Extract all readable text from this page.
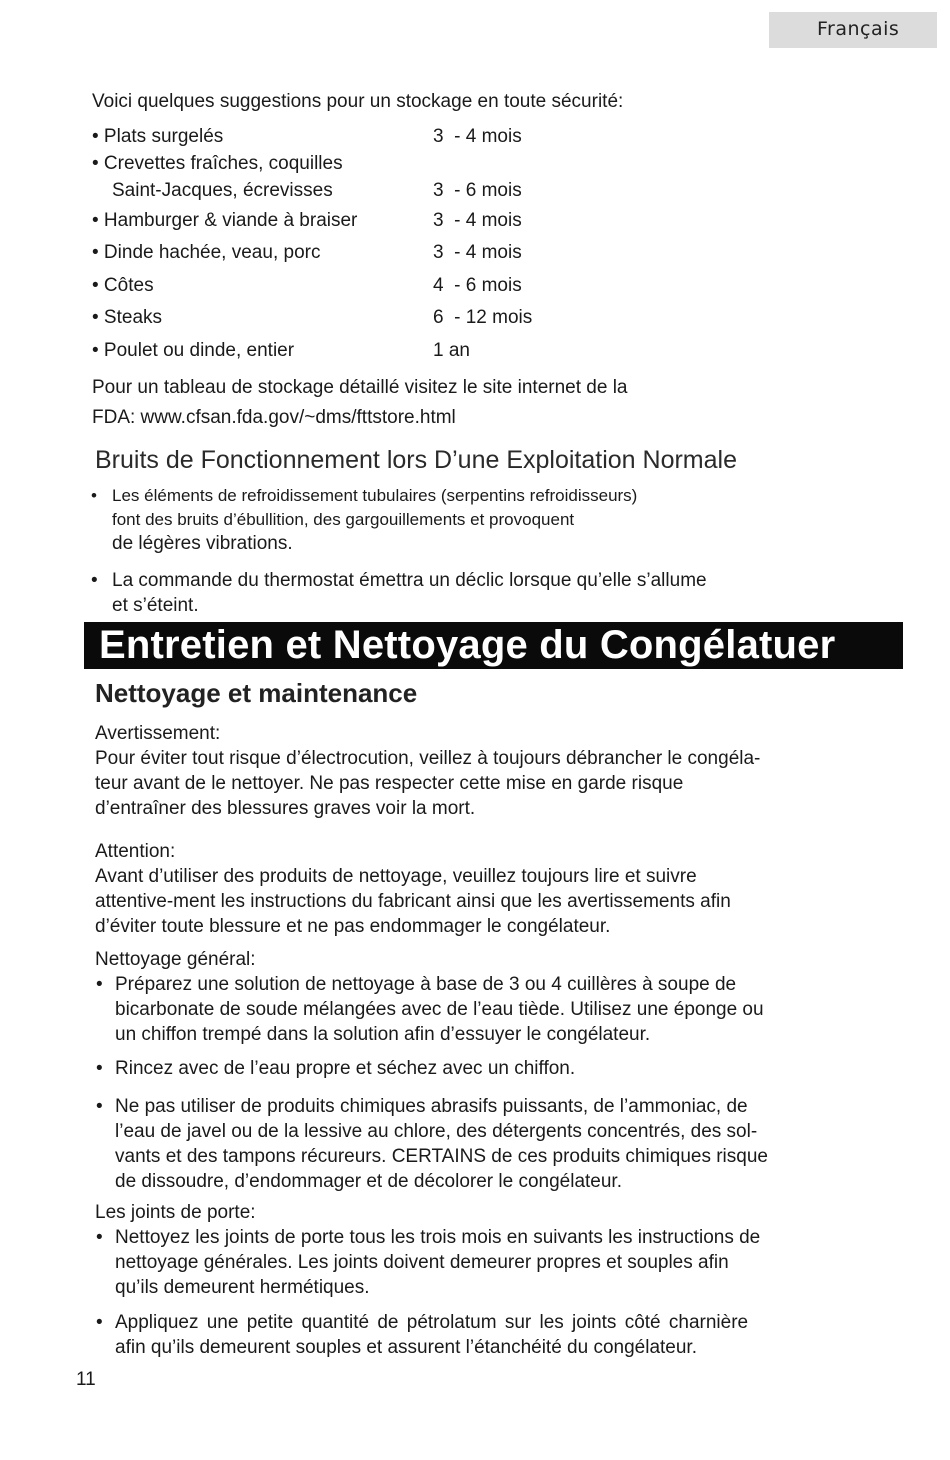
Français
Voici quelques suggestions pour un stockage en toute sécurité:
• Plats surgelés	3  - 4 mois
• Crevettes fraîches, coquilles
Saint-Jacques, écrevisses	3  - 6 mois
• Hamburger & viande à braiser	3  - 4 mois
• Dinde hachée, veau, porc	3  - 4 mois
• Côtes	4  - 6 mois
• Steaks	6  - 12 mois
• Poulet ou dinde, entier	1 an
Pour un tableau de stockage détaillé visitez le site internet de la
FDA: www.cfsan.fda.gov/~dms/fttstore.html
Bruits de Fonctionnement lors D’une Exploitation Normale
• Les éléments de refroidissement tubulaires (serpentins refroidisseurs)
font des bruits d’ébullition, des gargouillements et provoquent
de légères vibrations.
• La commande du thermostat émettra un déclic lorsque qu’elle s’allume
et s’éteint.
Entretien et Nettoyage du Congélatuer
Nettoyage et maintenance
Avertissement:
Pour éviter tout risque d’électrocution, veillez à toujours débrancher le congéla-
teur avant de le nettoyer. Ne pas respecter cette mise en garde risque
d’entraîner des blessures graves voir la mort.
Attention:
Avant d’utiliser des produits de nettoyage, veuillez toujours lire et suivre
attentive-ment les instructions du fabricant ainsi que les avertissements afin
d’éviter toute blessure et ne pas endommager le congélateur.
Nettoyage général:
• Préparez une solution de nettoyage à base de 3 ou 4 cuillères à soupe de
bicarbonate de soude mélangées avec de l’eau tiède. Utilisez une éponge ou
un chiffon trempé dans la solution afin d’essuyer le congélateur.
• Rincez avec de l’eau propre et séchez avec un chiffon.
• Ne pas utiliser de produits chimiques abrasifs puissants, de l’ammoniac, de
l’eau de javel ou de la lessive au chlore, des détergents concentrés, des sol-
vants et des tampons récureurs. CERTAINS de ces produits chimiques risque
de dissoudre, d’endommager et de décolorer le congélateur.
Les joints de porte:
• Nettoyez les joints de porte tous les trois mois en suivants les instructions de
nettoyage générales. Les joints doivent demeurer propres et souples afin
qu’ils demeurent hermétiques.
• Appliquez une petite quantité de pétrolatum sur les joints côté charnière
afin qu’ils demeurent souples et assurent l’étanchéité du congélateur.
11
